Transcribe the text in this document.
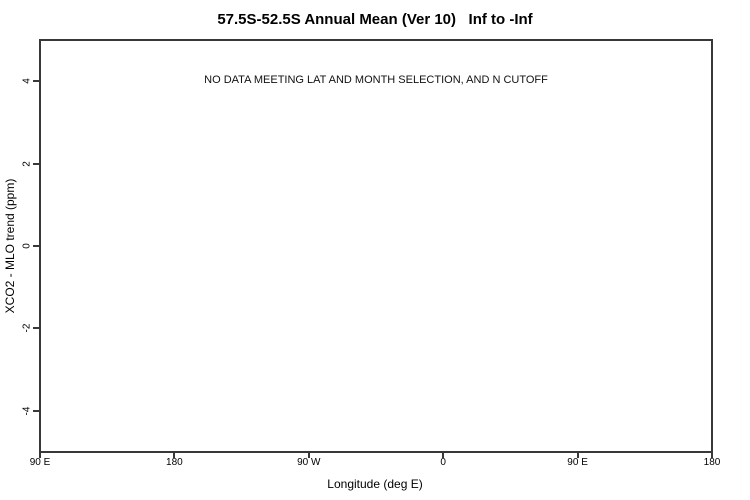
57.5S-52.5S Annual Mean (Ver 10)   Inf to -Inf
NO DATA MEETING LAT AND MONTH SELECTION, AND N CUTOFF
90 E	180	90 W	0	90 E	180
4
2
0
-2
-4
Longitude (deg E)
XCO2 - MLO trend (ppm)
